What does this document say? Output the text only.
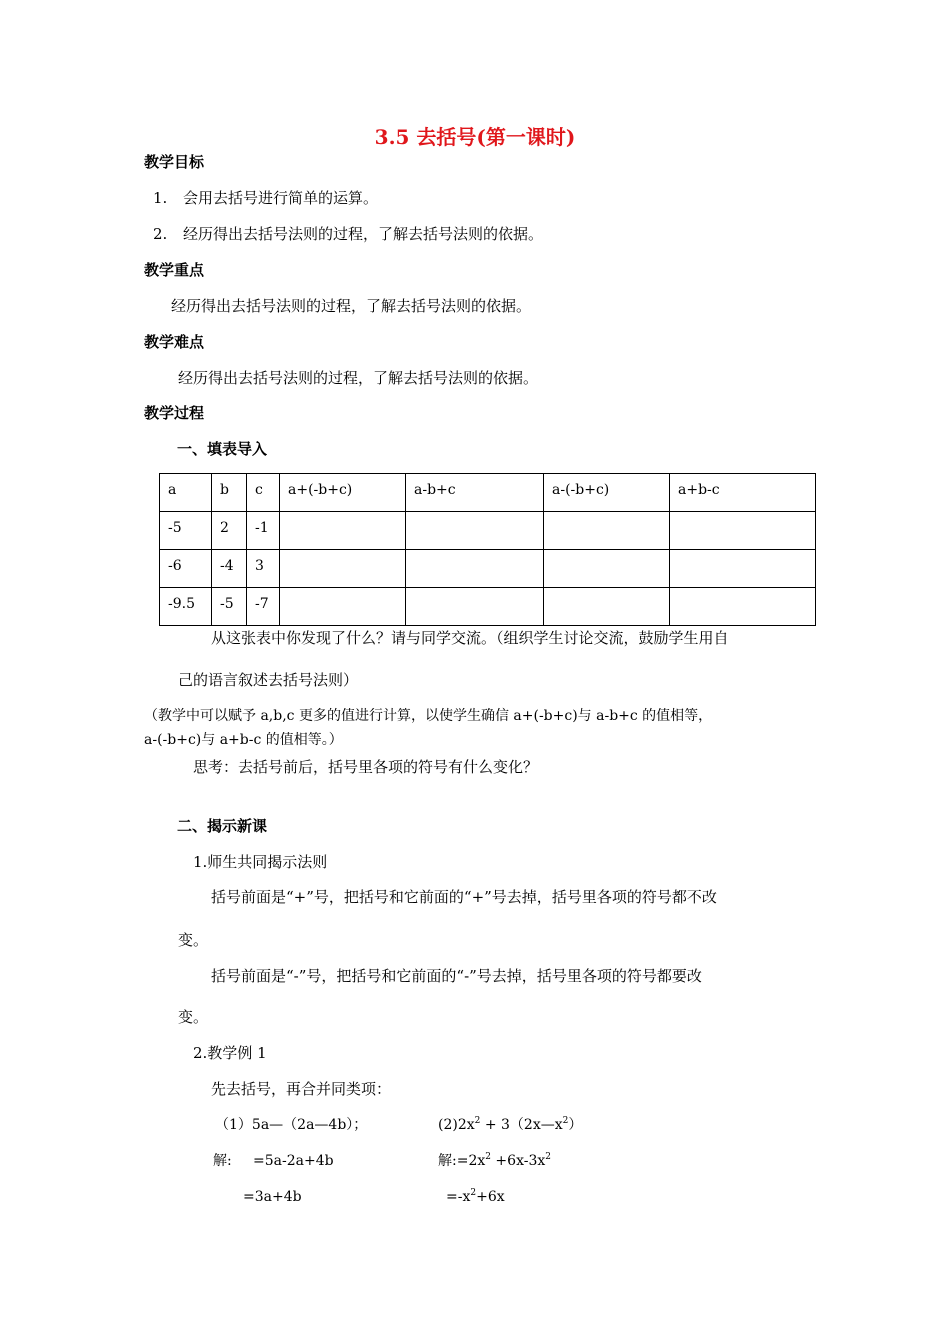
3.5 去括号(第一课时)
教学目标
1. 会用去括号进行简单的运算。
2. 经历得出去括号法则的过程，了解去括号法则的依据。
教学重点
经历得出去括号法则的过程，了解去括号法则的依据。
教学难点
经历得出去括号法则的过程，了解去括号法则的依据。
教学过程
一、填表导入
a	b	c	a+(-b+c)	a-b+c	a-(-b+c)	a+b-c
-5	2	-1				
-6	-4	3				
-9.5	-5	-7				
从这张表中你发现了什么？请与同学交流。（组织学生讨论交流，鼓励学生用自
己的语言叙述去括号法则）
（教学中可以赋予 a,b,c 更多的值进行计算，以使学生确信 a+(-b+c)与 a-b+c 的值相等，
a-(-b+c)与 a+b-c 的值相等。）
思考：去括号前后，括号里各项的符号有什么变化？
二、揭示新课
1.师生共同揭示法则
括号前面是“+”号，把括号和它前面的“+”号去掉，括号里各项的符号都不改
变。
括号前面是“-”号，把括号和它前面的“-”号去掉，括号里各项的符号都要改
变。
2.教学例 1
先去括号，再合并同类项：
（1）5a—（2a—4b）；	$(2)2x^2$ + $3(2x—x^2)$
解: =5a-2a+4b	解$:=2x^2 +6x-3x^2$
=3a+4b	$=-x^2+6x$
